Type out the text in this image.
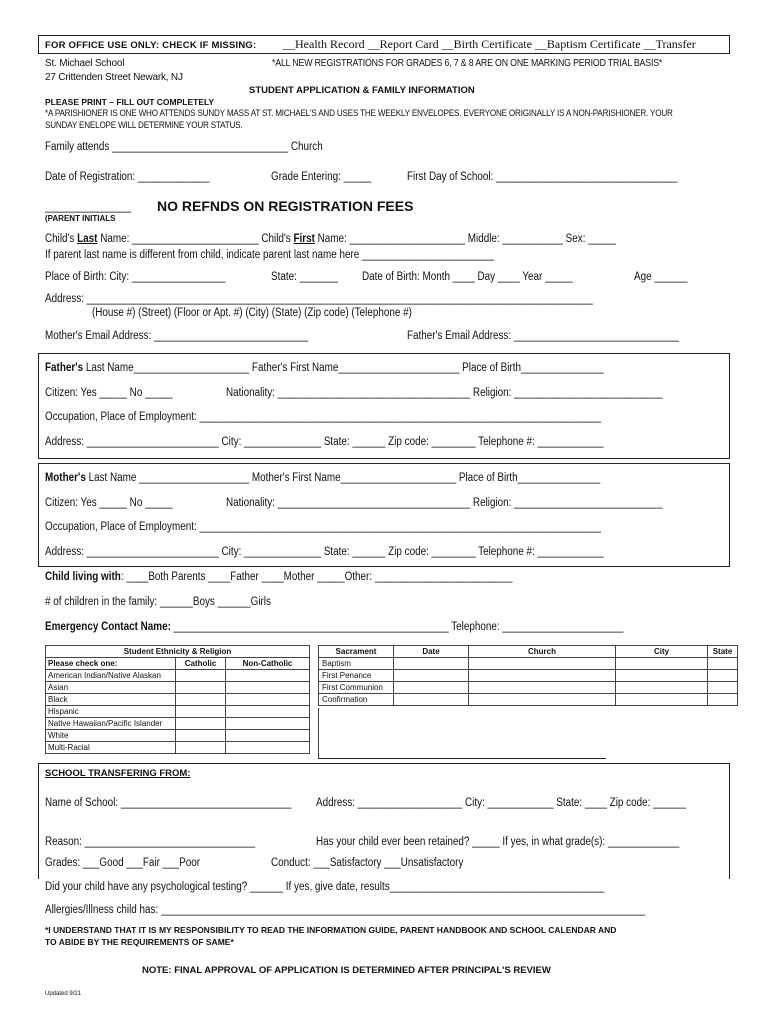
FOR OFFICE USE ONLY: CHECK IF MISSING: __Health Record __Report Card __Birth Certificate __Baptism Certificate __Transfer
St. Michael School
27 Crittenden Street Newark, NJ
*ALL NEW REGISTRATIONS FOR GRADES 6, 7 & 8 ARE ON ONE MARKING PERIOD TRIAL BASIS*
STUDENT APPLICATION & FAMILY INFORMATION
PLEASE PRINT – FILL OUT COMPLETELY
*A PARISHIONER IS ONE WHO ATTENDS SUNDY MASS AT ST. MICHAEL'S AND USES THE WEEKLY ENVELOPES. EVERYONE ORIGINALLY IS A NON-PARISHIONER. YOUR
SUNDAY ENELOPE WILL DETERMINE YOUR STATUS.
Family attends ________________________________ Church
Date of Registration: _____________	Grade Entering: _____	First Day of School: _________________________________
_______________ NO REFNDS ON REGISTRATION FEES
(PARENT INITIALS
Child's Last Name: _______________________ Child's First Name: _____________________ Middle: ___________ Sex: _____
If parent last name is different from child, indicate parent last name here ________________________
Place of Birth: City: _________________	State: _______ Date of Birth: Month ____ Day ____ Year _____	Age ______
Address: ____________________________________________________________________________________________
(House #) (Street) (Floor or Apt. #) (City) (State) (Zip code) (Telephone #)
Mother's Email Address: ____________________________	Father's Email Address: ______________________________
Father's Last Name_____________________ Father's First Name______________________ Place of Birth_______________
Citizen: Yes _____ No _____	Nationality: ___________________________________ Religion: ___________________________
Occupation, Place of Employment: _________________________________________________________________________
Address: ________________________ City: ______________ State: ______ Zip code: ________ Telephone #: ____________
Mother's Last Name ____________________ Mother's First Name_____________________ Place of Birth_______________
Citizen: Yes _____ No _____	Nationality: ___________________________________ Religion: ___________________________
Occupation, Place of Employment: _________________________________________________________________________
Address: ________________________ City: ______________ State: ______ Zip code: ________ Telephone #: ____________
Child living with: ____Both Parents ____Father ____Mother _____Other: _________________________
# of children in the family: ______Boys ______Girls
Emergency Contact Name: __________________________________________________ Telephone: ______________________
Student Ethnicity & Religion		
Please check one:	Catholic	Non-Catholic
American Indian/Native Alaskan		
Asian		
Black		
Hispanic		
Native Hawaiian/Pacific Islander		
White		
Multi-Racial		
Sacrament	Date	Church	City	State
Baptism				
First Penance				
First Communion				
Confirmation				
SCHOOL TRANSFERING FROM:
Name of School: _______________________________ Address: ___________________ City: ____________ State: ____ Zip code: ______
Reason: _______________________________	Has your child ever been retained? _____ If yes, in what grade(s): _____________
Grades: ___Good ___Fair ___Poor	Conduct: ___Satisfactory ___Unsatisfactory
Did your child have any psychological testing? ______ If yes, give date, results_______________________________________
Allergies/Illness child has: ________________________________________________________________________________________
*I UNDERSTAND THAT IT IS MY RESPONSIBILITY TO READ THE INFORMATION GUIDE, PARENT HANDBOOK AND SCHOOL CALENDAR AND
TO ABIDE BY THE REQUIREMENTS OF SAME*
NOTE: FINAL APPROVAL OF APPLICATION IS DETERMINED AFTER PRINCIPAL'S REVIEW
Updated 9/21
